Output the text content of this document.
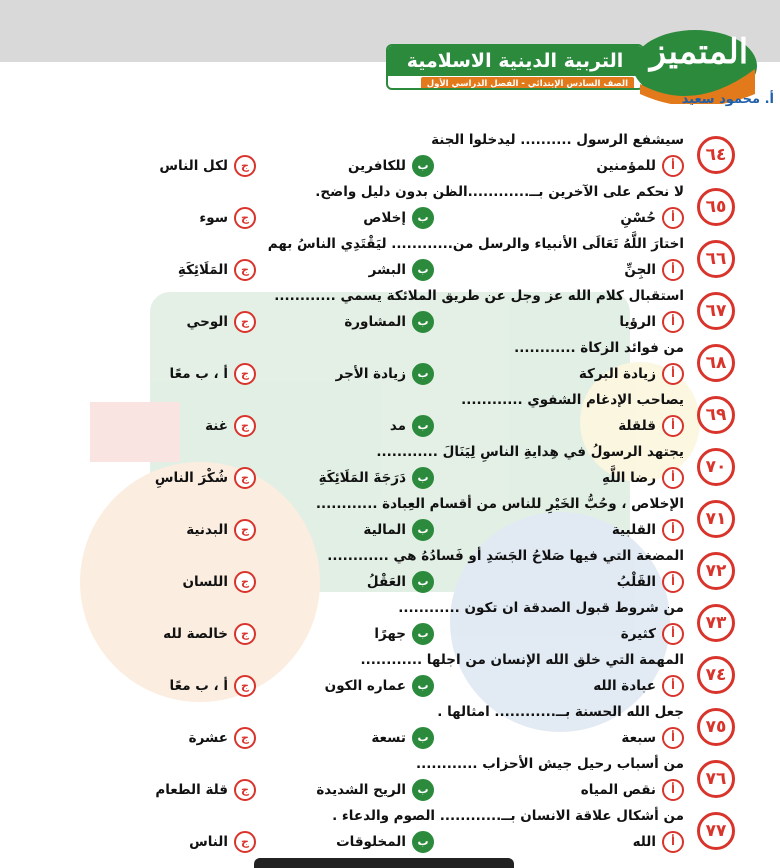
التربية الدينية الاسلامية
الصف السادس الإبتدائي - الفصل الدراسي الأول
المتميز
أ. محمود سعيد
٦٤
سيشفع الرسول .......... ليدخلوا الجنة
أللمؤمنين
بللكافرين
جلكل الناس
٦٥
لا نحكم على الآخرين بــ............الظن بدون دليل واضح.
أحُسْنِ
بإخلاص
جسوء
٦٦
اختارَ اللَّهُ تَعَالَى الأنبياء والرسل من............ ليَقْتَدِي الناسُ بهم
أالجِنِّ
بالبشر
جالمَلَائِكَةِ
٦٧
استقبال كلام الله عز وجل عن طريق الملائكة يسمي ............
أالرؤيا
بالمشاورة
جالوحي
٦٨
من فوائد الزكاة ............
أزيادة البركة
بزيادة الأجر
جأ ، ب معًا
٦٩
يصاحب الإدغام الشفوي ............
أقلقلة
بمد
جغنة
٧٠
يجتهد الرسولُ في هِدايةِ الناسِ لِيَنَالَ ............
أرضا اللَّهِ
بدَرَجَةَ المَلَائِكَةِ
جشُكْرَ الناسِ
٧١
الإخلاص ، وحُبُّ الخَيْرِ للناس من أقسام العِبادة ............
أالقلبية
بالمالية
جالبدنية
٧٢
المضغة التي فيها صَلاحُ الجَسَدِ أو فَسادُهُ هي ............
أالقَلْبُ
بالعَقْلُ
جاللسان
٧٣
من شروط قبول الصدقة ان تكون ............
أكثيرة
بجهرًا
جخالصة لله
٧٤
المهمة التي خلق الله الإنسان من اجلها ............
أعبادة الله
بعماره الكون
جأ ، ب معًا
٧٥
جعل الله الحسنة بــ............ امثالها .
أسبعة
بتسعة
جعشرة
٧٦
من أسباب رحيل جيش الأحزاب ............
أنقص المياه
بالريح الشديدة
جقلة الطعام
٧٧
من أشكال علاقة الانسان بــ............ الصوم والدعاء .
أالله
بالمخلوقات
جالناس
